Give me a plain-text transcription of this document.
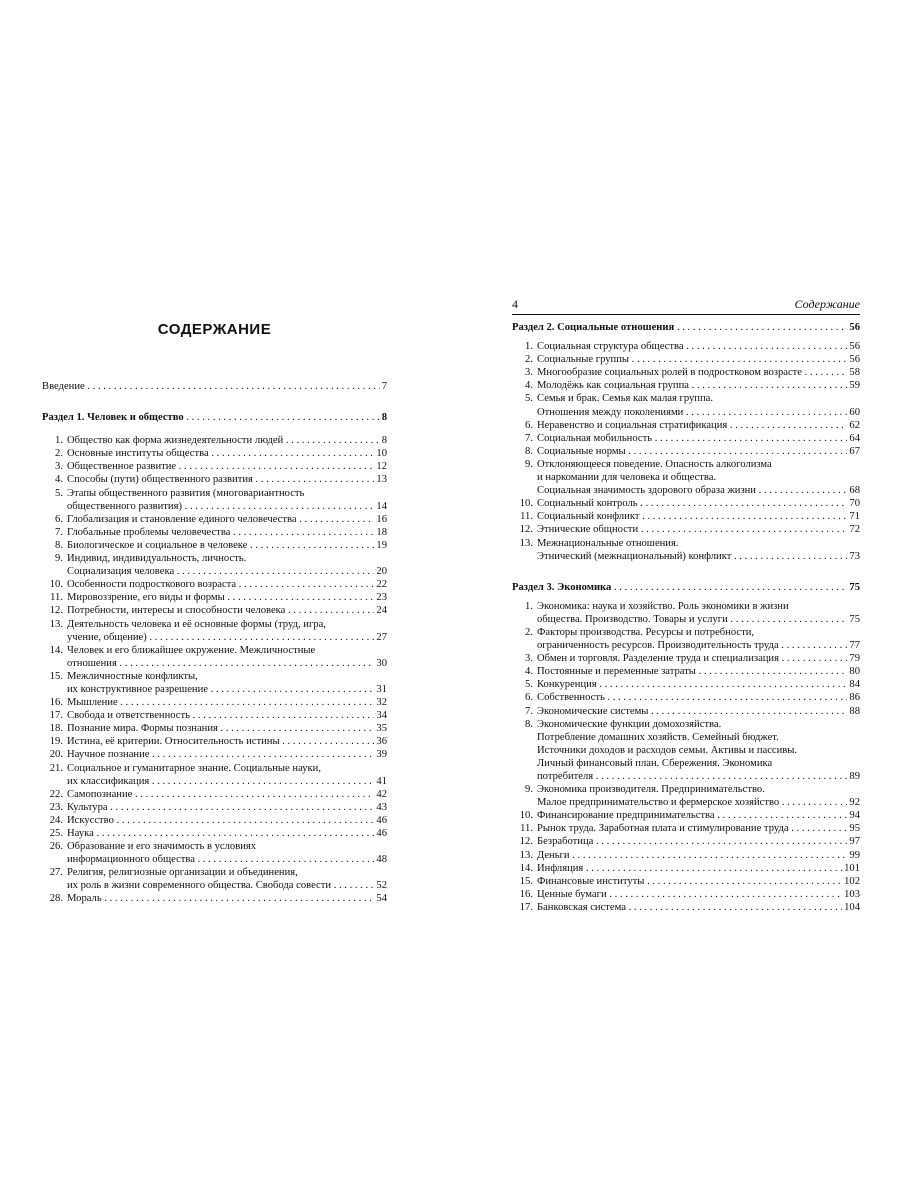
СОДЕРЖАНИЕ
Введение . . .	7
Раздел 1. Человек и общество . . .	8
1. Общество как форма жизнедеятельности людей . . .	8
2. Основные институты общества . . .	10
3. Общественное развитие . . .	12
4. Способы (пути) общественного развития . . .	13
5. Этапы общественного развития (многовариантность
общественного развития) . . .	14
6. Глобализация и становление единого человечества . . .	16
7. Глобальные проблемы человечества . . .	18
8. Биологическое и социальное в человеке . . .	19
9. Индивид, индивидуальность, личность.
Социализация человека . . .	20
10. Особенности подросткового возраста . . .	22
11. Мировоззрение, его виды и формы . . .	23
12. Потребности, интересы и способности человека . . .	24
13. Деятельность человека и её основные формы (труд, игра,
учение, общение) . . .	27
14. Человек и его ближайшее окружение. Межличностные
отношения . . .	30
15. Межличностные конфликты,
их конструктивное разрешение . . .	31
16. Мышление . . .	32
17. Свобода и ответственность . . .	34
18. Познание мира. Формы познания . . .	35
19. Истина, её критерии. Относительность истины . . .	36
20. Научное познание . . .	39
21. Социальное и гуманитарное знание. Социальные науки,
их классификация . . .	41
22. Самопознание . . .	42
23. Культура . . .	43
24. Искусство . . .	46
25. Наука . . .	46
26. Образование и его значимость в условиях
информационного общества . . .	48
27. Религия, религиозные организации и объединения,
их роль в жизни современного общества. Свобода совести . . .	52
28. Мораль . . .	54
4	Содержание
Раздел 2. Социальные отношения . . .	56
1. Социальная структура общества . . .	56
2. Социальные группы . . .	56
3. Многообразие социальных ролей в подростковом возрасте . . .	58
4. Молодёжь как социальная группа . . .	59
5. Семья и брак. Семья как малая группа.
Отношения между поколениями . . .	60
6. Неравенство и социальная стратификация . . .	62
7. Социальная мобильность . . .	64
8. Социальные нормы . . .	67
9. Отклоняющееся поведение. Опасность алкоголизма
и наркомании для человека и общества.
Социальная значимость здорового образа жизни . . .	68
10. Социальный контроль . . .	70
11. Социальный конфликт . . .	71
12. Этнические общности . . .	72
13. Межнациональные отношения.
Этнический (межнациональный) конфликт . . .	73
Раздел 3. Экономика . . .	75
1. Экономика: наука и хозяйство. Роль экономики в жизни
общества. Производство. Товары и услуги . . .	75
2. Факторы производства. Ресурсы и потребности,
ограниченность ресурсов. Производительность труда . . .	77
3. Обмен и торговля. Разделение труда и специализация . . .	79
4. Постоянные и переменные затраты . . .	80
5. Конкуренция . . .	84
6. Собственность . . .	86
7. Экономические системы . . .	88
8. Экономические функции домохозяйства.
Потребление домашних хозяйств. Семейный бюджет.
Источники доходов и расходов семьи. Активы и пассивы.
Личный финансовый план. Сбережения. Экономика
потребителя . . .	89
9. Экономика производителя. Предпринимательство.
Малое предпринимательство и фермерское хозяйство . . .	92
10. Финансирование предпринимательства . . .	94
11. Рынок труда. Заработная плата и стимулирование труда . . .	95
12. Безработица . . .	97
13. Деньги . . .	99
14. Инфляция . . .	101
15. Финансовые институты . . .	102
16. Ценные бумаги . . .	103
17. Банковская система . . .	104
